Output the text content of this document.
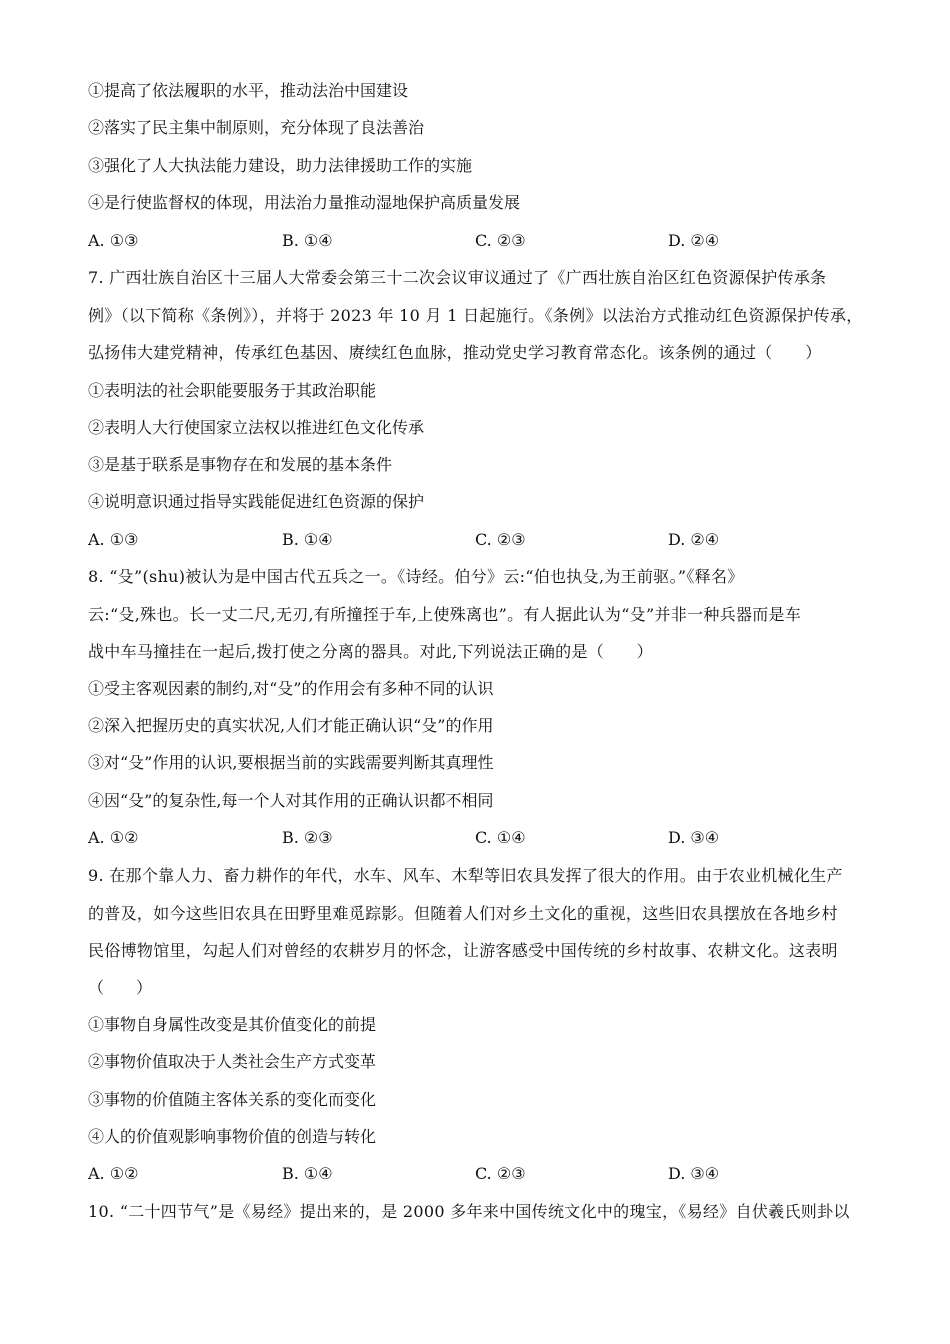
①提高了依法履职的水平，推动法治中国建设
②落实了民主集中制原则，充分体现了良法善治
③强化了人大执法能力建设，助力法律援助工作的实施
④是行使监督权的体现，用法治力量推动湿地保护高质量发展
A. ①③	B. ①④	C. ②③	D. ②④
7. 广西壮族自治区十三届人大常委会第三十二次会议审议通过了《广西壮族自治区红色资源保护传承条
例》（以下简称《条例》），并将于 2023 年 10 月 1 日起施行。《条例》以法治方式推动红色资源保护传承，
弘扬伟大建党精神，传承红色基因、赓续红色血脉，推动党史学习教育常态化。该条例的通过（　　）
①表明法的社会职能要服务于其政治职能
②表明人大行使国家立法权以推进红色文化传承
③是基于联系是事物存在和发展的基本条件
④说明意识通过指导实践能促进红色资源的保护
A. ①③	B. ①④	C. ②③	D. ②④
8. “殳”(shu)被认为是中国古代五兵之一。《诗经。伯兮》云:“伯也执殳,为王前驱。”《释名》
云:“殳,殊也。长一丈二尺,无刃,有所撞挃于车,上使殊离也”。有人据此认为“殳”并非一种兵器而是车
战中车马撞挂在一起后,拨打使之分离的器具。对此,下列说法正确的是（　　）
①受主客观因素的制约,对“殳”的作用会有多种不同的认识
②深入把握历史的真实状况,人们才能正确认识“殳”的作用
③对“殳”作用的认识,要根据当前的实践需要判断其真理性
④因“殳”的复杂性,每一个人对其作用的正确认识都不相同
A. ①②	B. ②③	C. ①④	D. ③④
9. 在那个靠人力、畜力耕作的年代，水车、风车、木犁等旧农具发挥了很大的作用。由于农业机械化生产
的普及，如今这些旧农具在田野里难觅踪影。但随着人们对乡土文化的重视，这些旧农具摆放在各地乡村
民俗博物馆里，勾起人们对曾经的农耕岁月的怀念，让游客感受中国传统的乡村故事、农耕文化。这表明
（　　）
①事物自身属性改变是其价值变化的前提
②事物价值取决于人类社会生产方式变革
③事物的价值随主客体关系的变化而变化
④人的价值观影响事物价值的创造与转化
A. ①②	B. ①④	C. ②③	D. ③④
10. “二十四节气”是《易经》提出来的，是 2000 多年来中国传统文化中的瑰宝，《易经》自伏羲氏则卦以
